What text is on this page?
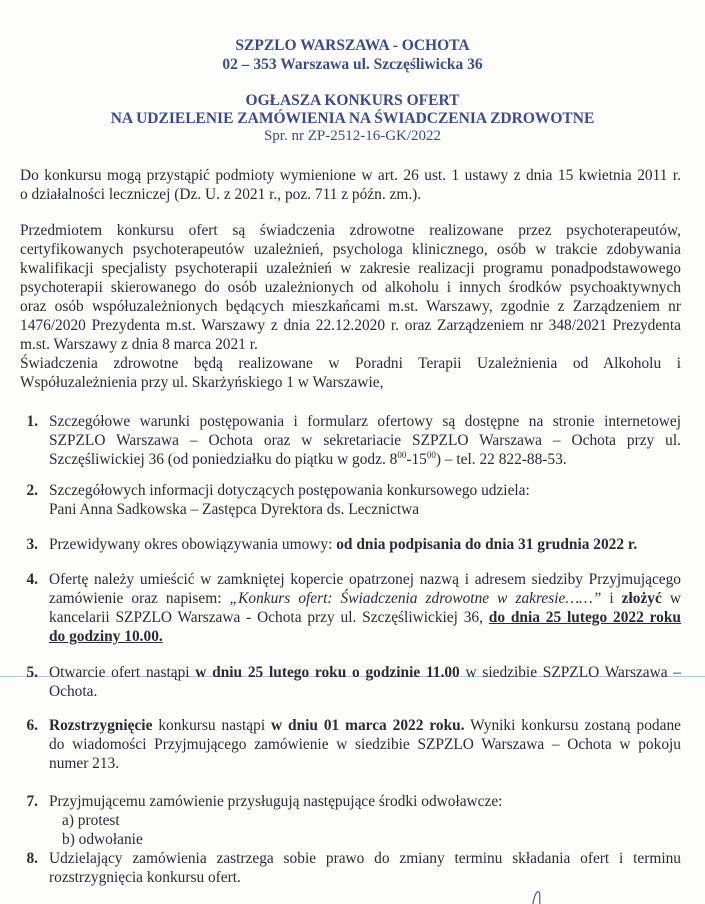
SZPZLO WARSZAWA - OCHOTA
02 – 353 Warszawa ul. Szczęśliwicka 36
OGŁASZA KONKURS OFERT
NA UDZIELENIE ZAMÓWIENIA NA ŚWIADCZENIA ZDROWOTNE
Spr. nr ZP-2512-16-GK/2022
Do konkursu mogą przystąpić podmioty wymienione w art. 26 ust. 1 ustawy z dnia 15 kwietnia 2011 r.
o działalności leczniczej (Dz. U. z 2021 r., poz. 711 z późn. zm.).
Przedmiotem konkursu ofert są świadczenia zdrowotne realizowane przez psychoterapeutów,
certyfikowanych psychoterapeutów uzależnień, psychologa klinicznego, osób w trakcie zdobywania
kwalifikacji specjalisty psychoterapii uzależnień w zakresie realizacji programu ponadpodstawowego
psychoterapii skierowanego do osób uzależnionych od alkoholu i innych środków psychoaktywnych
oraz osób współuzależnionych będących mieszkańcami m.st. Warszawy, zgodnie z Zarządzeniem nr
1476/2020 Prezydenta m.st. Warszawy z dnia 22.12.2020 r. oraz Zarządzeniem nr 348/2021 Prezydenta
m.st. Warszawy z dnia 8 marca 2021 r.
Świadczenia zdrowotne będą realizowane w Poradni Terapii Uzależnienia od Alkoholu i
Współuzależnienia przy ul. Skarżyńskiego 1 w Warszawie,
1. Szczegółowe warunki postępowania i formularz ofertowy są dostępne na stronie internetowej
SZPZLO Warszawa – Ochota oraz w sekretariacie SZPZLO Warszawa – Ochota przy ul.
Szczęśliwickiej 36 (od poniedziałku do piątku w godz. $8^{00}-15^{00}$) – tel. 22 822-88-53.
2. Szczegółowych informacji dotyczących postępowania konkursowego udziela:
Pani Anna Sadkowska – Zastępca Dyrektora ds. Lecznictwa
3. Przewidywany okres obowiązywania umowy: od dnia podpisania do dnia 31 grudnia 2022 r.
4. Ofertę należy umieścić w zamkniętej kopercie opatrzonej nazwą i adresem siedziby Przyjmującego
zamówienie oraz napisem: „Konkurs ofert: Świadczenia zdrowotne w zakresie……” i złożyć w
kancelarii SZPZLO Warszawa - Ochota przy ul. Szczęśliwickiej 36, do dnia 25 lutego 2022 roku
do godziny 10.00.
5. Otwarcie ofert nastąpi w dniu 25 lutego roku o godzinie 11.00 w siedzibie SZPZLO Warszawa –
Ochota.
6. Rozstrzygnięcie konkursu nastąpi w dniu 01 marca 2022 roku. Wyniki konkursu zostaną podane
do wiadomości Przyjmującego zamówienie w siedzibie SZPZLO Warszawa – Ochota w pokoju
numer 213.
7. Przyjmującemu zamówienie przysługują następujące środki odwoławcze:
a) protest
b) odwołanie
8. Udzielający zamówienia zastrzega sobie prawo do zmiany terminu składania ofert i terminu
rozstrzygnięcia konkursu ofert.
